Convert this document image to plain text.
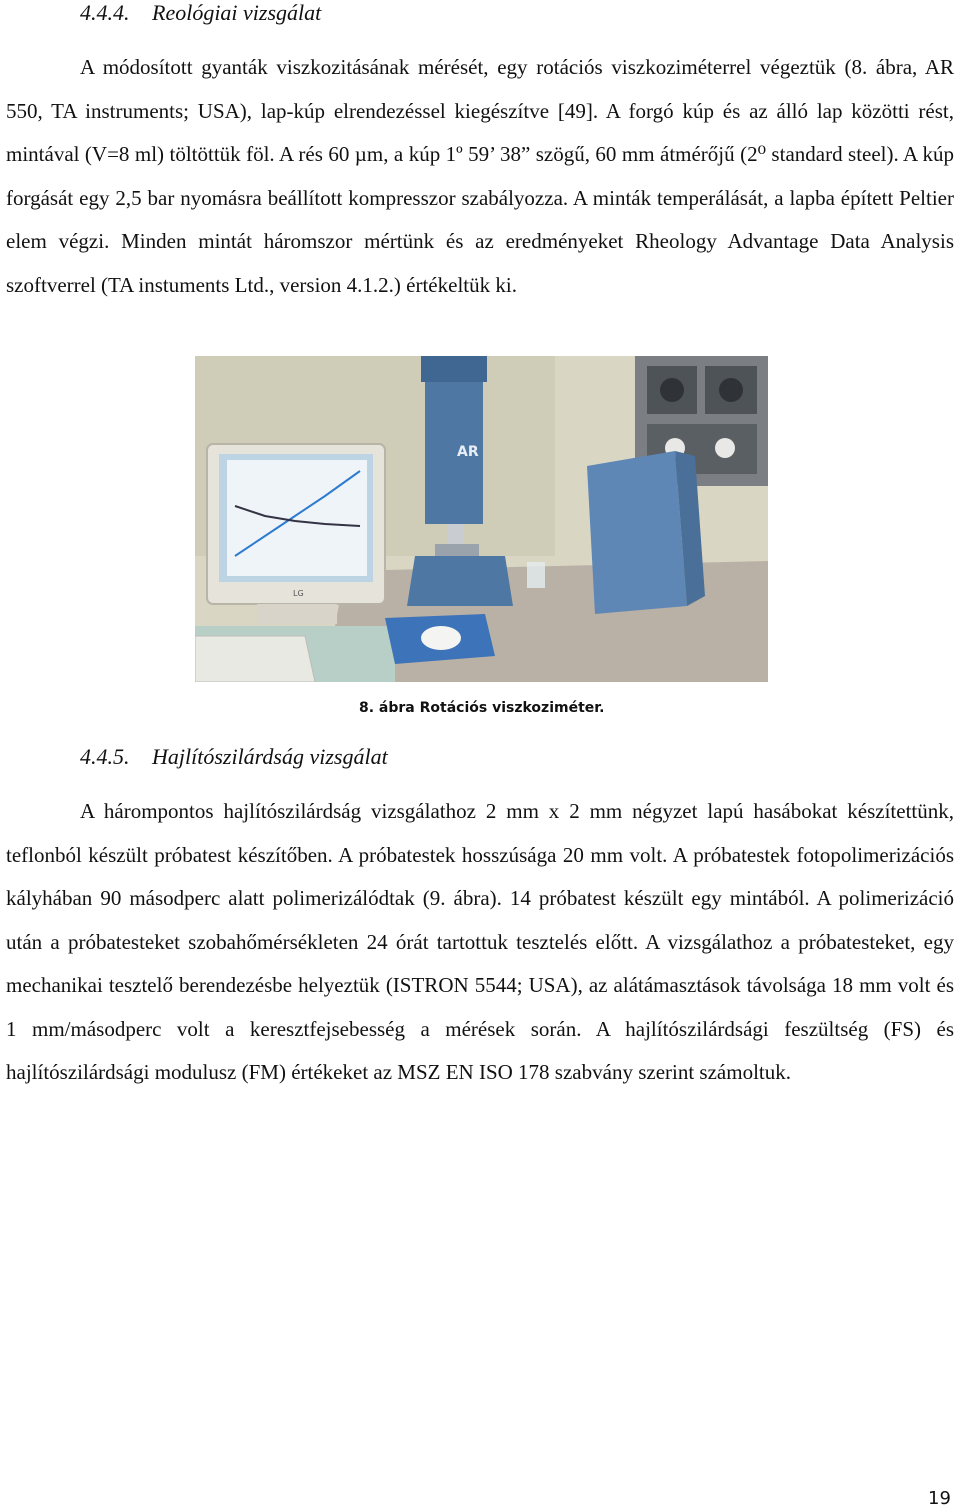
4.4.4. Reológiai vizsgálat

A módosított gyanták viszkozitásának mérését, egy rotációs viszkoziméterrel végeztük (8. ábra, AR 550, TA instruments; USA), lap-kúp elrendezéssel kiegészítve [49]. A forgó kúp és az álló lap közötti rést, mintával (V=8 ml) töltöttük föl. A rés 60 µm, a kúp 1º 59’ 38” szögű, 60 mm átmérőjű (2⁰ standard steel). A kúp forgását egy 2,5 bar nyomásra beállított kompresszor szabályozza. A minták temperálását, a lapba épített Peltier elem végzi. Minden mintát háromszor mértünk és az eredményeket Rheology Advantage Data Analysis szoftverrel (TA instuments Ltd., version 4.1.2.) értékeltük ki.

LG
AR
8. ábra Rotációs viszkoziméter.
4.4.5. Hajlítószilárdság vizsgálat

A hárompontos hajlítószilárdság vizsgálathoz 2 mm x 2 mm négyzet lapú hasábokat készítettünk, teflonból készült próbatest készítőben. A próbatestek hosszúsága 20 mm volt. A próbatestek fotopolimerizációs kályhában 90 másodperc alatt polimerizálódtak (9. ábra). 14 próbatest készült egy mintából. A polimerizáció után a próbatesteket szobahőmérsékleten 24 órát tartottuk tesztelés előtt. A vizsgálathoz a próbatesteket, egy mechanikai tesztelő berendezésbe helyeztük (ISTRON 5544; USA), az alátámasztások távolsága 18 mm volt és 1 mm/másodperc volt a keresztfejsebesség a mérések során. A hajlítószilárdsági feszültség (FS) és hajlítószilárdsági modulusz (FM) értékeket az MSZ EN ISO 178 szabvány szerint számoltuk.

19
